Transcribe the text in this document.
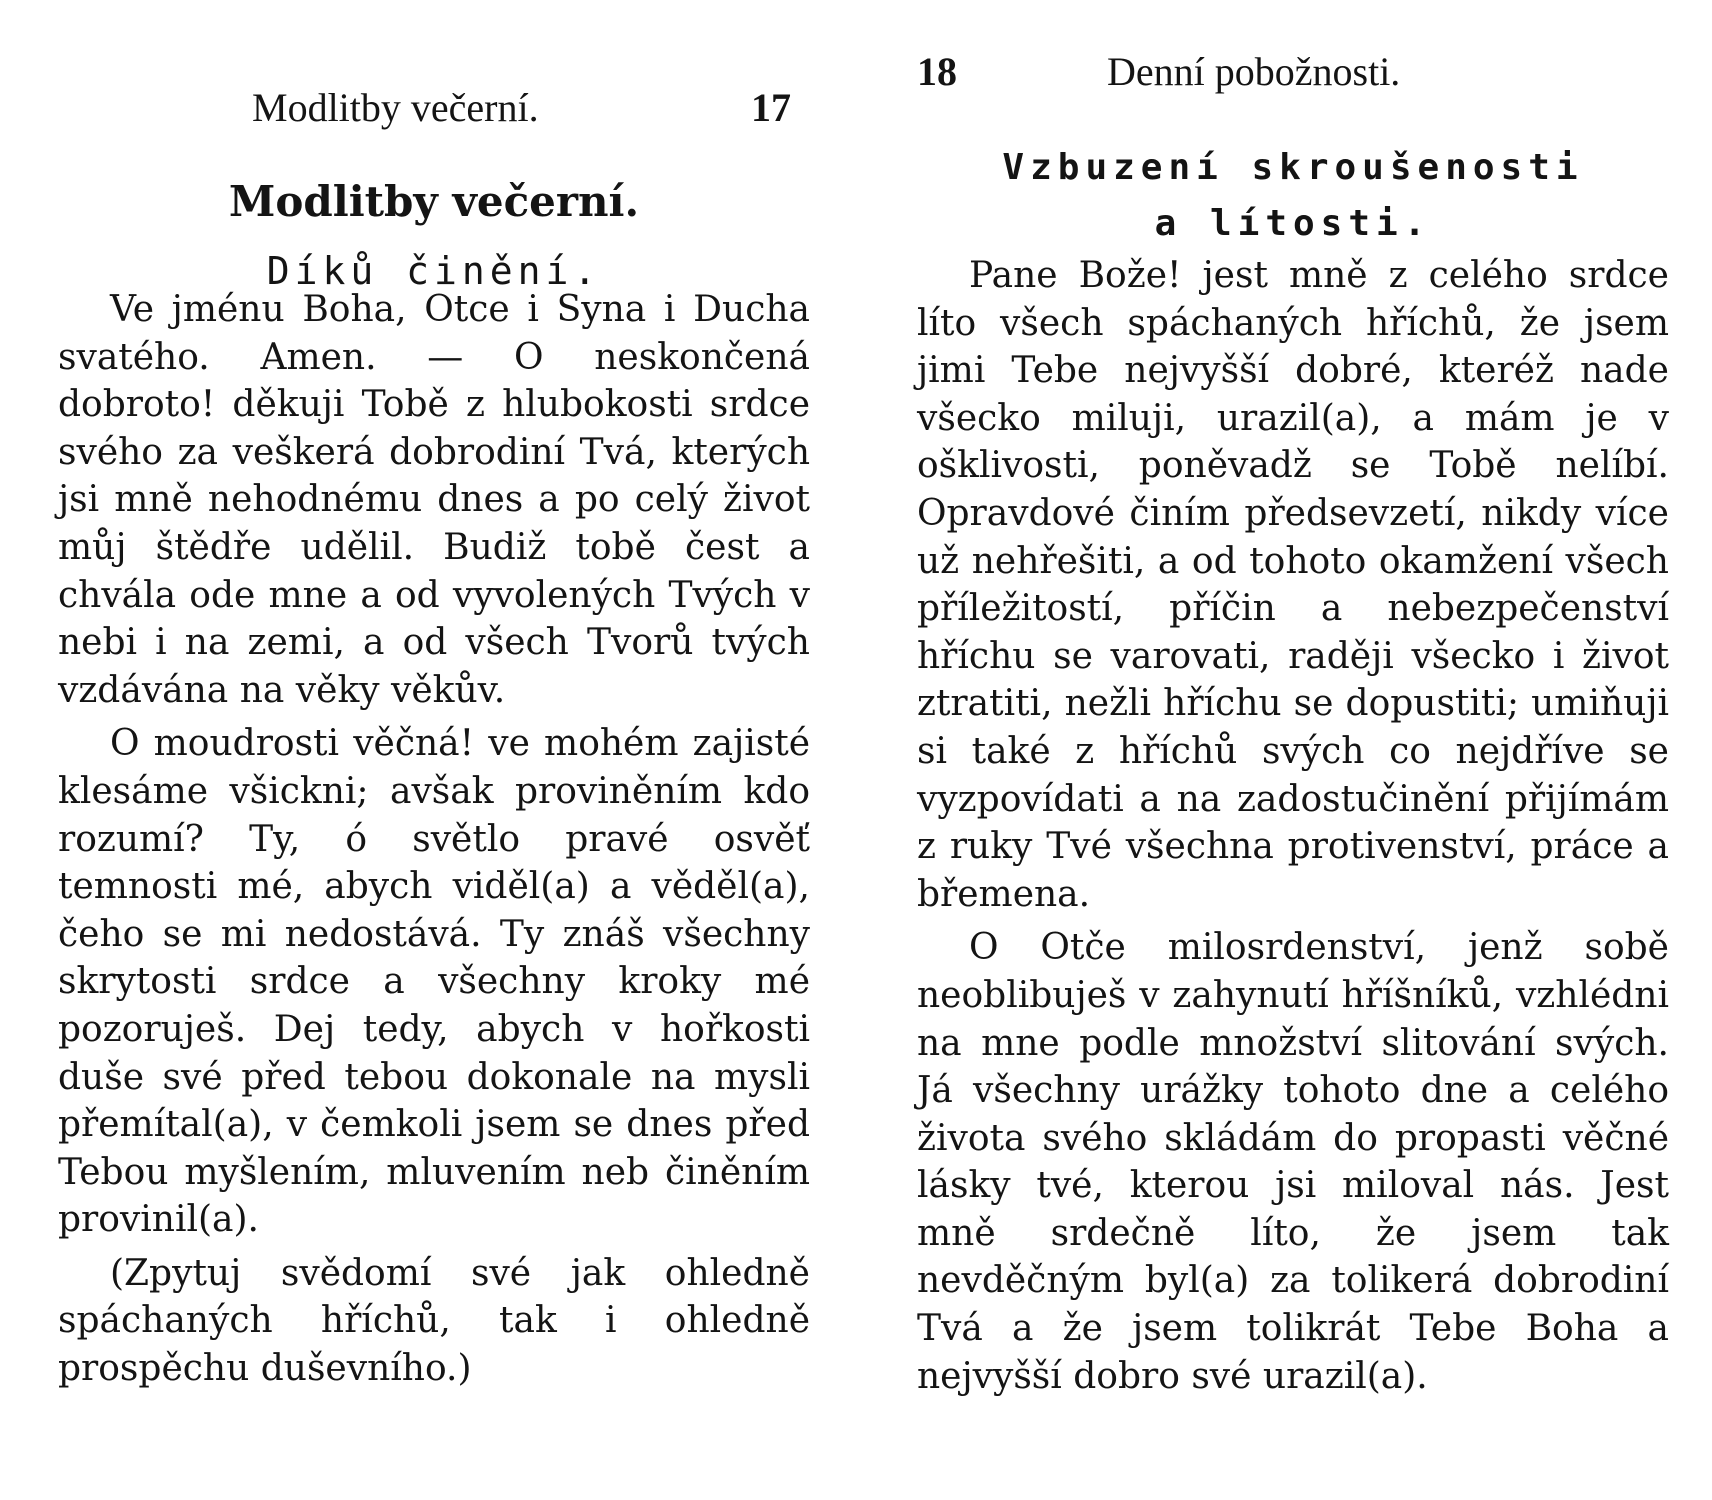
Modlitby večerní.	17
Modlitby večerní.
Díků činění.

Ve jménu Boha, Otce i Syna i Ducha svatého. Amen. — O neskončená dobroto! děkuji Tobě z hlubokosti srdce svého za veškerá dobrodiní Tvá, kterých jsi mně nehodnému dnes a po celý život můj štědře udělil. Budiž tobě čest a chvála ode mne a od vyvolených Tvých v nebi i na zemi, a od všech Tvorů tvých vzdávána na věky věkův.

O moudrosti věčná! ve mohém zajisté klesáme všickni; avšak proviněním kdo rozumí? Ty, ó světlo pravé osvěť temnosti mé, abych viděl(a) a věděl(a), čeho se mi nedostává. Ty znáš všechny skrytosti srdce a všechny kroky mé pozoruješ. Dej tedy, abych v hořkosti duše své před tebou dokonale na mysli přemítal(a), v čemkoli jsem se dnes před Tebou myšlením, mluvením neb činěním provinil(a).

(Zpytuj svědomí své jak ohledně spáchaných hříchů, tak i ohledně prospěchu duševního.)

18	Denní pobožnosti.
Vzbuzení skroušenosti
a lítosti.

Pane Bože! jest mně z celého srdce líto všech spáchaných hříchů, že jsem jimi Tebe nejvyšší dobré, kteréž nade všecko miluji, urazil(a), a mám je v ošklivosti, poněvadž se Tobě nelíbí. Opravdové činím předsevzetí, nikdy více už nehřešiti, a od tohoto okamžení všech příležitostí, příčin a nebezpečenství hříchu se varovati, raději všecko i život ztratiti, nežli hříchu se dopustiti; umiňuji si také z hříchů svých co nejdříve se vyzpovídati a na zadostučinění přijímám z ruky Tvé všechna protivenství, práce a břemena.

O Otče milosrdenství, jenž sobě neoblibuješ v zahynutí hříšníků, vzhlédni na mne podle množství slitování svých. Já všechny urážky tohoto dne a celého života svého skládám do propasti věčné lásky tvé, kterou jsi miloval nás. Jest mně srdečně líto, že jsem tak nevděčným byl(a) za tolikerá dobrodiní Tvá a že jsem tolikrát Tebe Boha a nejvyšší dobro své urazil(a).
